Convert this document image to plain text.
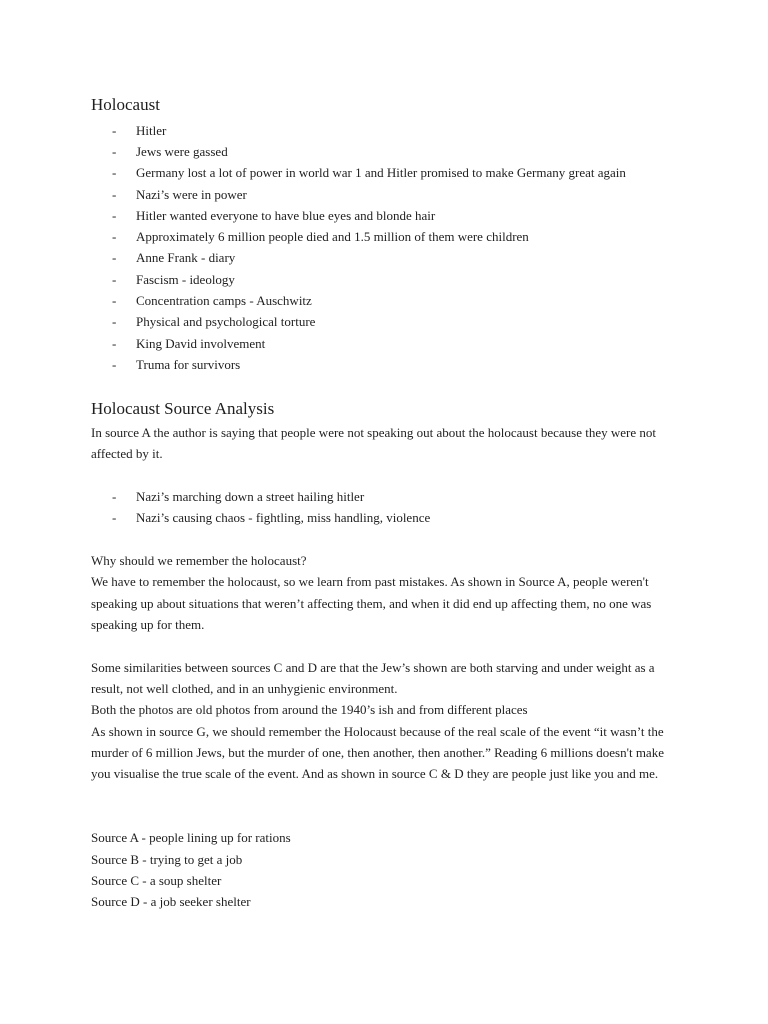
Holocaust
- Hitler
- Jews were gassed
- Germany lost a lot of power in world war 1 and Hitler promised to make Germany great again
- Nazi’s were in power
- Hitler wanted everyone to have blue eyes and blonde hair
- Approximately 6 million people died and 1.5 million of them were children
- Anne Frank - diary
- Fascism - ideology
- Concentration camps - Auschwitz
- Physical and psychological torture
- King David involvement
- Truma for survivors
Holocaust Source Analysis
In source A the author is saying that people were not speaking out about the holocaust because they were not
affected by it.
- Nazi’s marching down a street hailing hitler
- Nazi’s causing chaos - fightling, miss handling, violence
Why should we remember the holocaust?
We have to remember the holocaust, so we learn from past mistakes. As shown in Source A, people weren't
speaking up about situations that weren’t affecting them, and when it did end up affecting them, no one was
speaking up for them.
Some similarities between sources C and D are that the Jew’s shown are both starving and under weight as a
result, not well clothed, and in an unhygienic environment.
Both the photos are old photos from around the 1940’s ish and from different places
As shown in source G, we should remember the Holocaust because of the real scale of the event “it wasn’t the
murder of 6 million Jews, but the murder of one, then another, then another.” Reading 6 millions doesn't make
you visualise the true scale of the event. And as shown in source C & D they are people just like you and me.
Source A - people lining up for rations
Source B - trying to get a job
Source C - a soup shelter
Source D - a job seeker shelter
